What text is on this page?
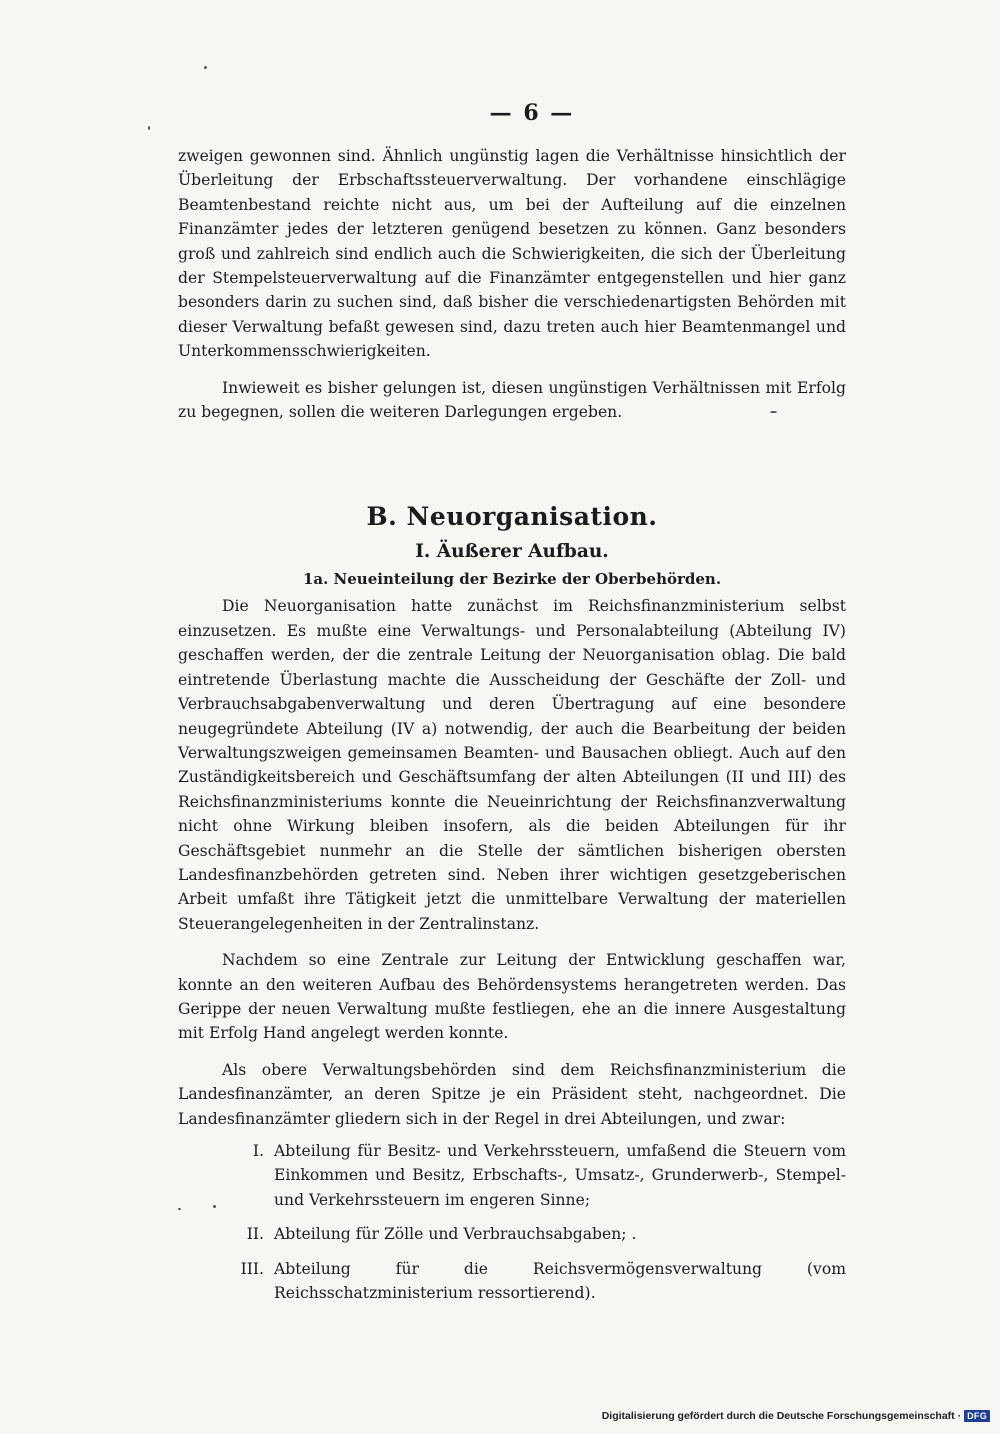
— 6 —

zweigen gewonnen sind. Ähnlich ungünstig lagen die Verhältnisse hinsichtlich der Überleitung der Erbschaftssteuerverwaltung. Der vorhandene einschlägige Beamtenbestand reichte nicht aus, um bei der Aufteilung auf die einzelnen Finanzämter jedes der letzteren genügend besetzen zu können. Ganz besonders groß und zahlreich sind endlich auch die Schwierigkeiten, die sich der Überleitung der Stempelsteuerverwaltung auf die Finanzämter entgegenstellen und hier ganz besonders darin zu suchen sind, daß bisher die verschiedenartigsten Behörden mit dieser Verwaltung befaßt gewesen sind, dazu treten auch hier Beamtenmangel und Unterkommensschwierigkeiten.

Inwieweit es bisher gelungen ist, diesen ungünstigen Verhältnissen mit Erfolg zu begegnen, sollen die weiteren Darlegungen ergeben.

B. Neuorganisation.
I. Äußerer Aufbau.
1a. Neueinteilung der Bezirke der Oberbehörden.

Die Neuorganisation hatte zunächst im Reichsfinanzministerium selbst einzusetzen. Es mußte eine Verwaltungs- und Personalabteilung (Abteilung IV) geschaffen werden, der die zentrale Leitung der Neuorganisation oblag. Die bald eintretende Überlastung machte die Ausscheidung der Geschäfte der Zoll- und Verbrauchsabgabenverwaltung und deren Übertragung auf eine besondere neugegründete Abteilung (IV a) notwendig, der auch die Bearbeitung der beiden Verwaltungszweigen gemeinsamen Beamten- und Bausachen obliegt. Auch auf den Zuständigkeitsbereich und Geschäftsumfang der alten Abteilungen (II und III) des Reichsfinanzministeriums konnte die Neueinrichtung der Reichsfinanzverwaltung nicht ohne Wirkung bleiben insofern, als die beiden Abteilungen für ihr Geschäftsgebiet nunmehr an die Stelle der sämtlichen bisherigen obersten Landesfinanzbehörden getreten sind. Neben ihrer wichtigen gesetzgeberischen Arbeit umfaßt ihre Tätigkeit jetzt die unmittelbare Verwaltung der materiellen Steuerangelegenheiten in der Zentralinstanz.

Nachdem so eine Zentrale zur Leitung der Entwicklung geschaffen war, konnte an den weiteren Aufbau des Behördensystems herangetreten werden. Das Gerippe der neuen Verwaltung mußte festliegen, ehe an die innere Ausgestaltung mit Erfolg Hand angelegt werden konnte.

Als obere Verwaltungsbehörden sind dem Reichsfinanzministerium die Landesfinanzämter, an deren Spitze je ein Präsident steht, nachgeordnet. Die Landesfinanzämter gliedern sich in der Regel in drei Abteilungen, und zwar:

I. Abteilung für Besitz- und Verkehrssteuern, umfaßend die Steuern vom Einkommen und Besitz, Erbschafts-, Umsatz-, Grunderwerb-, Stempel- und Verkehrssteuern im engeren Sinne;
II. Abteilung für Zölle und Verbrauchsabgaben; .
III. Abteilung für die Reichsvermögensverwaltung (vom Reichsschatzministerium ressortierend).
Digitalisierung gefördert durch die Deutsche Forschungsgemeinschaft · DFG
